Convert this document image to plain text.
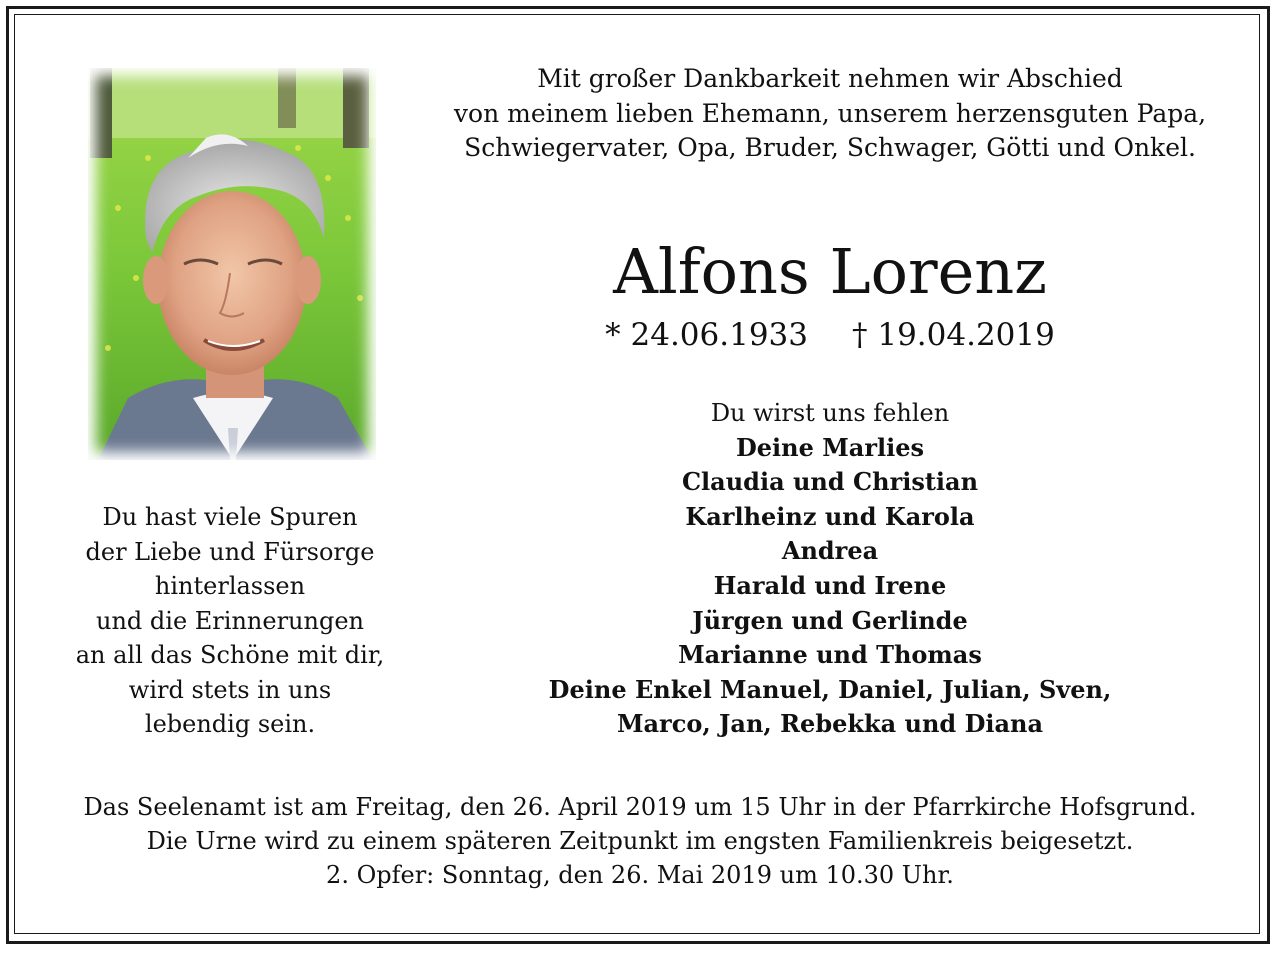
Mit großer Dankbarkeit nehmen wir Abschied
von meinem lieben Ehemann, unserem herzensguten Papa,
Schwiegervater, Opa, Bruder, Schwager, Götti und Onkel.
Alfons Lorenz
* 24.06.1933 † 19.04.2019
Du wirst uns fehlen
Deine Marlies
Claudia und Christian
Karlheinz und Karola
Andrea
Harald und Irene
Jürgen und Gerlinde
Marianne und Thomas
Deine Enkel Manuel, Daniel, Julian, Sven,
Marco, Jan, Rebekka und Diana
Du hast viele Spuren
der Liebe und Fürsorge
hinterlassen
und die Erinnerungen
an all das Schöne mit dir,
wird stets in uns
lebendig sein.
Das Seelenamt ist am Freitag, den 26. April 2019 um 15 Uhr in der Pfarrkirche Hofsgrund.
Die Urne wird zu einem späteren Zeitpunkt im engsten Familienkreis beigesetzt.
2. Opfer: Sonntag, den 26. Mai 2019 um 10.30 Uhr.
